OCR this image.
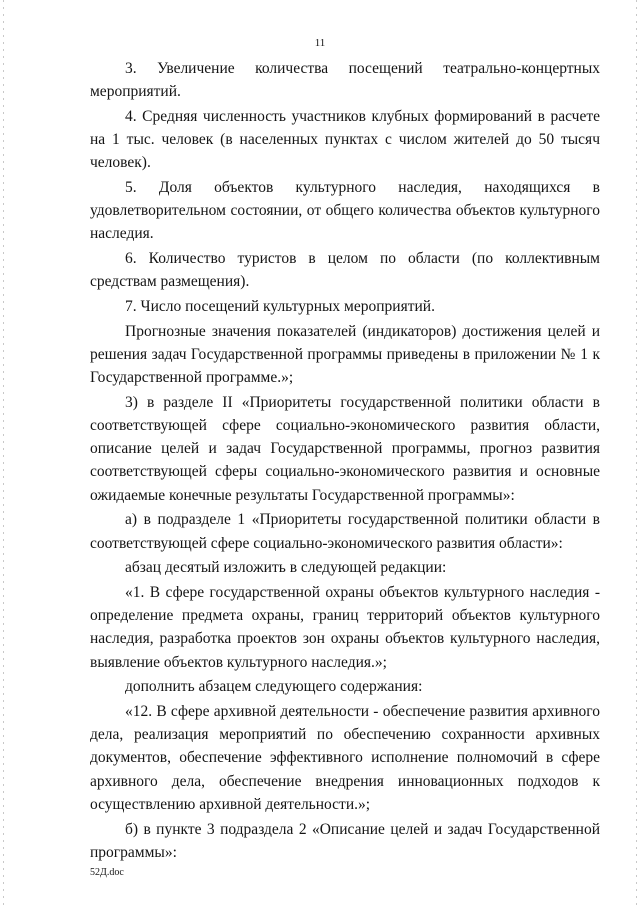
11

3. Увеличение количества посещений театрально-концертных мероприятий.

4. Средняя численность участников клубных формирований в расчете на 1 тыс. человек (в населенных пунктах с числом жителей до 50 тысяч человек).

5. Доля объектов культурного наследия, находящихся в удовлетворительном состоянии, от общего количества объектов культурного наследия.

6. Количество туристов в целом по области (по коллективным средствам размещения).

7. Число посещений культурных мероприятий.

Прогнозные значения показателей (индикаторов) достижения целей и решения задач Государственной программы приведены в приложении № 1 к Государственной программе.»;

3) в разделе II «Приоритеты государственной политики области в соответствующей сфере социально-экономического развития области, описание целей и задач Государственной программы, прогноз развития соответствующей сферы социально-экономического развития и основные ожидаемые конечные результаты Государственной программы»:

а) в подразделе 1 «Приоритеты государственной политики области в соответствующей сфере социально-экономического развития области»:

абзац десятый изложить в следующей редакции:

«1. В сфере государственной охраны объектов культурного наследия - определение предмета охраны, границ территорий объектов культурного наследия, разработка проектов зон охраны объектов культурного наследия, выявление объектов культурного наследия.»;

дополнить абзацем следующего содержания:

«12. В сфере архивной деятельности - обеспечение развития архивного дела, реализация мероприятий по обеспечению сохранности архивных документов, обеспечение эффективного исполнение полномочий в сфере архивного дела, обеспечение внедрения инновационных подходов к осуществлению архивной деятельности.»;

б) в пункте 3 подраздела 2 «Описание целей и задач Государственной программы»:

52Д.doc
